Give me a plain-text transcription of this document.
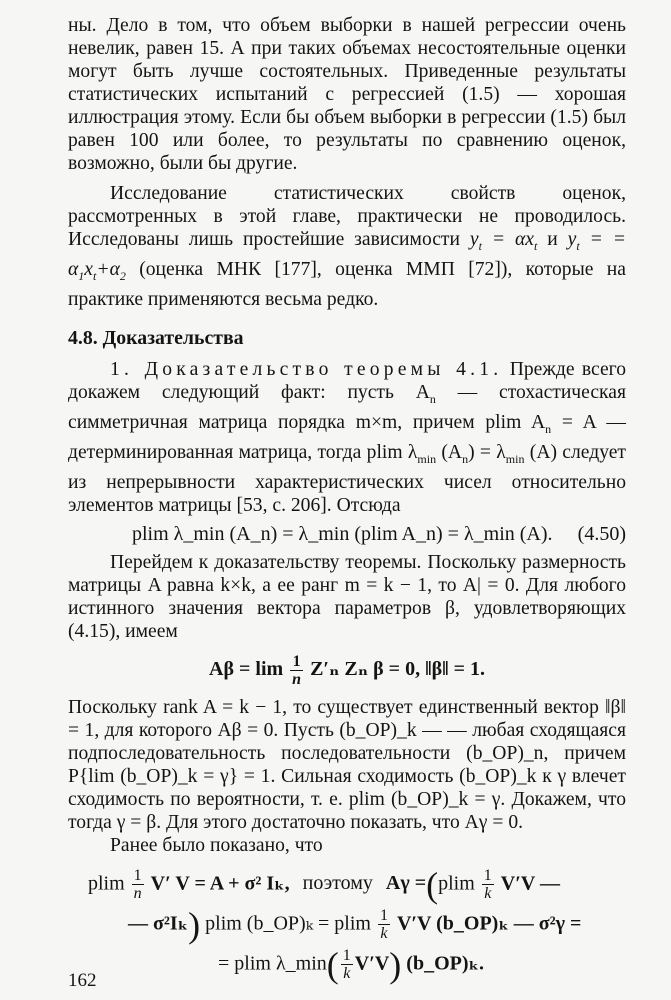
ны. Дело в том, что объем выборки в нашей регрессии очень невелик, равен 15. А при таких объемах несостоятельные оценки могут быть лучше состоятельных. Приведенные результаты статистических испытаний с регрессией (1.5) — хорошая иллюстрация этому. Если бы объем выборки в регрессии (1.5) был равен 100 или более, то результаты по сравнению оценок, возможно, были бы другие.

Исследование статистических свойств оценок, рассмотренных в этой главе, практически не проводилось. Исследованы лишь простейшие зависимости $y_t = \alpha x_t$ и $y_t$ = = $\alpha_1x_t+\alpha_2$ (оценка МНК [177], оценка ММП [72]), которые на практике применяются весьма редко.

4.8. Доказательства

1. Доказательство теоремы 4.1. Прежде всего докажем следующий факт: пусть $A_n$ — стохастическая симметричная матрица порядка m×m, причем plim $A_n = A$ — детерминированная матрица, тогда plim $\lambda_{min}$ $(A_n) = \lambda_{min}$ (A) следует из непрерывности характеристических чисел относительно элементов матрицы [53, с. 206]. Отсюда

plim λ_min (A_n) = λ_min (plim A_n) = λ_min (A). (4.50)

Перейдем к доказательству теоремы. Поскольку размерность матрицы A равна k×k, а ее ранг m = k − 1, то A| = 0. Для любого истинного значения вектора параметров β, удовлетворяющих (4.15), имеем

$A\beta = \lim \frac{1}{n} Z'_n$ Zₙ β = 0, ‖β‖ = 1.

Поскольку rank A = k − 1, то существует единственный вектор ‖β‖ = 1, для которого Aβ = 0. Пусть (b_OP)_k — — любая сходящаяся подпоследовательность последовательности (b_OP)_n, причем P{lim (b_OP)_k = γ} = 1. Сильная сходимость (b_OP)_k к γ влечет сходимость по вероятности, т. е. plim (b_OP)_k = γ. Докажем, что тогда γ = β. Для этого достаточно показать, что Aγ = 0.

Ранее было показано, что

plim $\frac{1}{n} V'$ V = A + σ² Iₖ, поэтому $A\gamma =(plim \frac{1}{k} V'V$ —
— σ²Iₖ) plim (b_OP)ₖ = plim $\frac{1}{k} V'V$ (b_OP)ₖ — σ²γ =
= plim λ_min( $\frac{1}{k} V'V$) (b_OP)ₖ.
162
